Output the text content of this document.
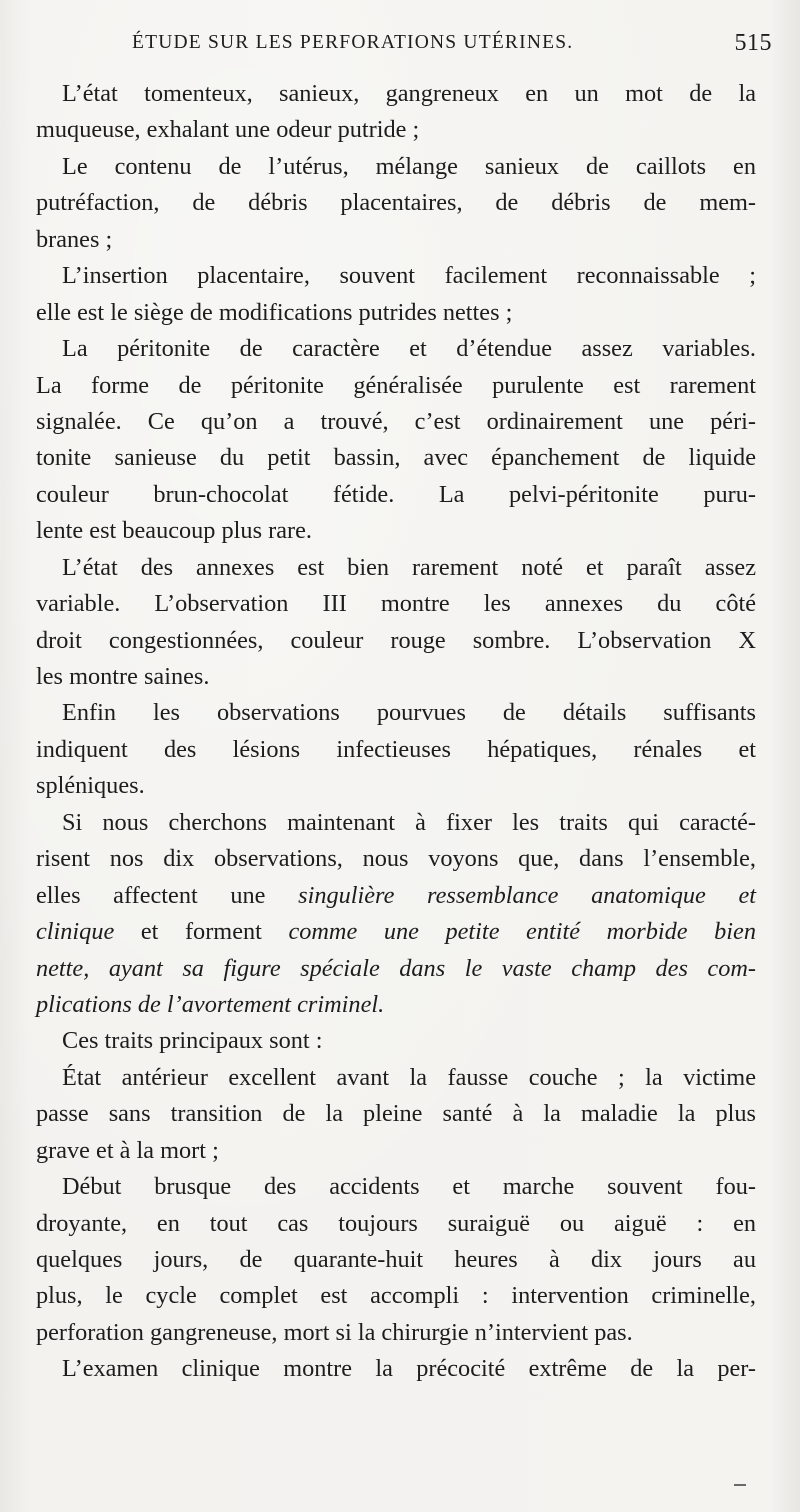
ÉTUDE SUR LES PERFORATIONS UTÉRINES.	515
L’état tomenteux, sanieux, gangreneux en un mot de la
muqueuse, exhalant une odeur putride ;
Le contenu de l’utérus, mélange sanieux de caillots en
putréfaction, de débris placentaires, de débris de mem-
branes ;
L’insertion placentaire, souvent facilement reconnaissable ;
elle est le siège de modifications putrides nettes ;
La péritonite de caractère et d’étendue assez variables.
La forme de péritonite généralisée purulente est rarement
signalée. Ce qu’on a trouvé, c’est ordinairement une péri-
tonite sanieuse du petit bassin, avec épanchement de liquide
couleur brun-chocolat fétide. La pelvi-péritonite puru-
lente est beaucoup plus rare.
L’état des annexes est bien rarement noté et paraît assez
variable. L’observation III montre les annexes du côté
droit congestionnées, couleur rouge sombre. L’observation X
les montre saines.
Enfin les observations pourvues de détails suffisants
indiquent des lésions infectieuses hépatiques, rénales et
spléniques.
Si nous cherchons maintenant à fixer les traits qui caracté-
risent nos dix observations, nous voyons que, dans l’ensemble,
elles affectent une singulière ressemblance anatomique et
clinique et forment comme une petite entité morbide bien
nette, ayant sa figure spéciale dans le vaste champ des com-
plications de l’avortement criminel.
Ces traits principaux sont :
État antérieur excellent avant la fausse couche ; la victime
passe sans transition de la pleine santé à la maladie la plus
grave et à la mort ;
Début brusque des accidents et marche souvent fou-
droyante, en tout cas toujours suraiguë ou aiguë : en
quelques jours, de quarante-huit heures à dix jours au
plus, le cycle complet est accompli : intervention criminelle,
perforation gangreneuse, mort si la chirurgie n’intervient pas.
L’examen clinique montre la précocité extrême de la per-
